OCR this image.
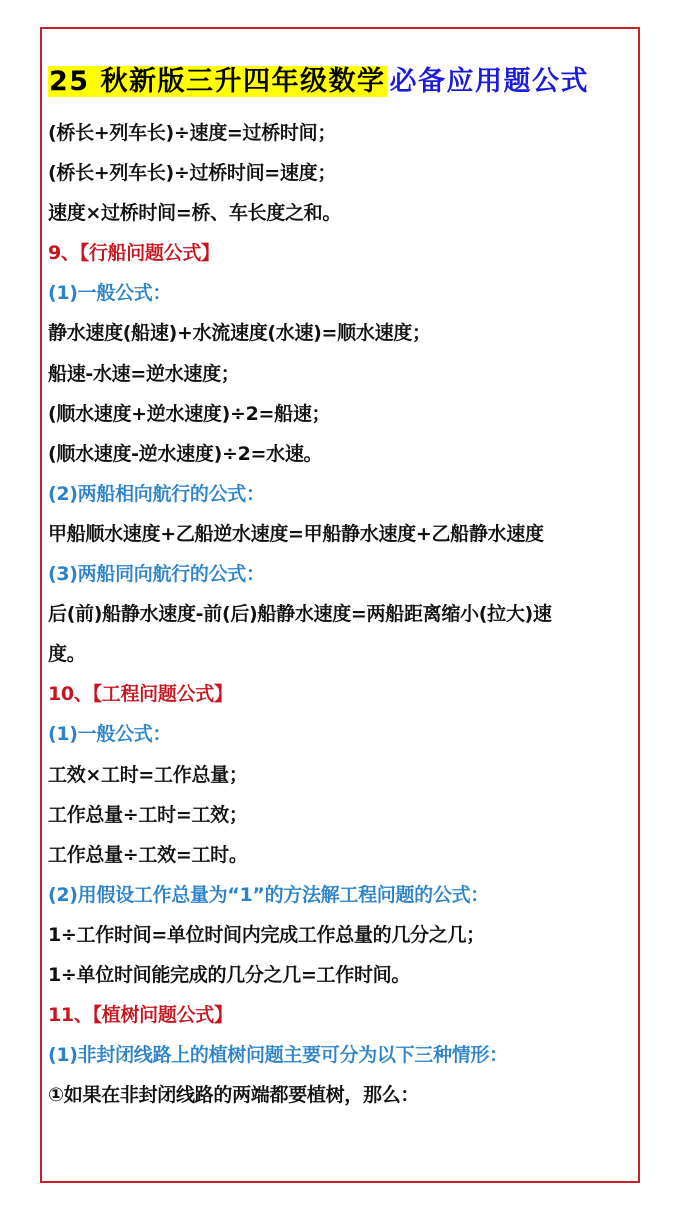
25 秋新版三升四年级数学 必备应用题公式
(桥长+列车长)÷速度=过桥时间；
(桥长+列车长)÷过桥时间=速度；
速度×过桥时间=桥、车长度之和。
9、【行船问题公式】
(1)一般公式：
静水速度(船速)+水流速度(水速)=顺水速度；
船速-水速=逆水速度；
(顺水速度+逆水速度)÷2=船速；
(顺水速度-逆水速度)÷2=水速。
(2)两船相向航行的公式：
甲船顺水速度+乙船逆水速度=甲船静水速度+乙船静水速度
(3)两船同向航行的公式：
后(前)船静水速度-前(后)船静水速度=两船距离缩小(拉大)速
度。
10、【工程问题公式】
(1)一般公式：
工效×工时=工作总量；
工作总量÷工时=工效；
工作总量÷工效=工时。
(2)用假设工作总量为“1”的方法解工程问题的公式：
1÷工作时间=单位时间内完成工作总量的几分之几；
1÷单位时间能完成的几分之几=工作时间。
11、【植树问题公式】
(1)非封闭线路上的植树问题主要可分为以下三种情形：
①如果在非封闭线路的两端都要植树，那么：
